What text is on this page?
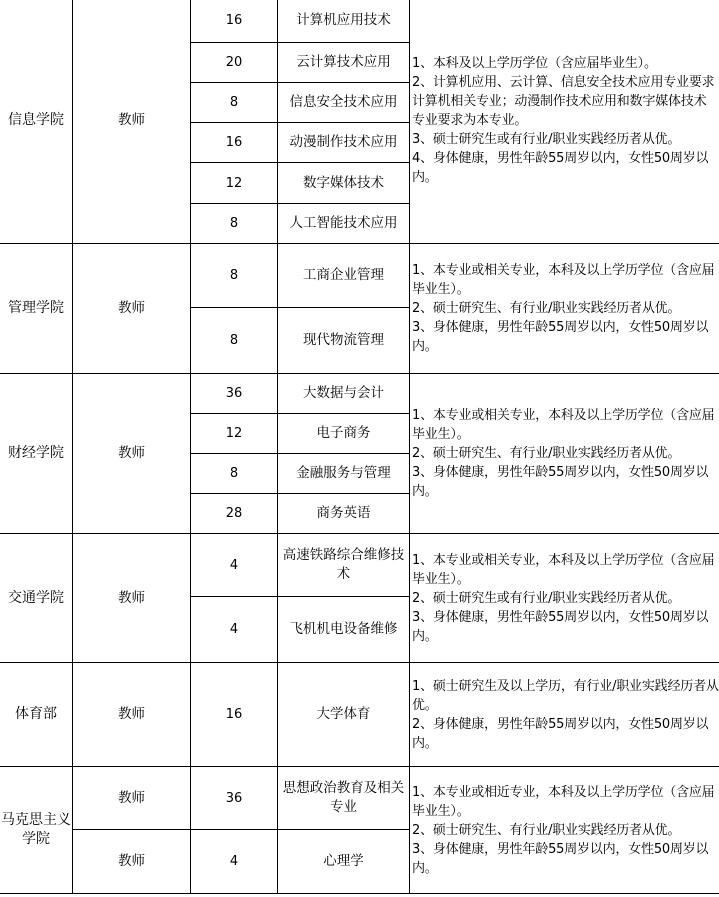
信息学院	教师	16	计算机应用技术	1、本科及以上学历学位（含应届毕业生）。
2、计算机应用、云计算、信息安全技术应用专业要求计算机相关专业；动漫制作技术应用和数字媒体技术专业要求为本专业。
3、硕士研究生或有行业/职业实践经历者从优。
4、身体健康，男性年龄55周岁以内，女性50周岁以内。
		20	云计算技术应用	
		8	信息安全技术应用	
		16	动漫制作技术应用	
		12	数字媒体技术	
		8	人工智能技术应用	
管理学院	教师	8	工商企业管理	1、本专业或相关专业，本科及以上学历学位（含应届毕业生）。
2、硕士研究生、有行业/职业实践经历者从优。
3、身体健康，男性年龄55周岁以内，女性50周岁以内。
		8	现代物流管理	
财经学院	教师	36	大数据与会计	1、本专业或相关专业，本科及以上学历学位（含应届毕业生）。
2、硕士研究生、有行业/职业实践经历者从优。
3、身体健康，男性年龄55周岁以内，女性50周岁以内。
		12	电子商务	
		8	金融服务与管理	
		28	商务英语	
交通学院	教师	4	高速铁路综合维修技术	1、本专业或相关专业，本科及以上学历学位（含应届毕业生）。
2、硕士研究生或有行业/职业实践经历者从优。
3、身体健康，男性年龄55周岁以内，女性50周岁以内。
		4	飞机机电设备维修	
体育部	教师	16	大学体育	1、硕士研究生及以上学历，有行业/职业实践经历者从优。
2、身体健康，男性年龄55周岁以内，女性50周岁以内。
马克思主义学院	教师	36	思想政治教育及相关专业	1、本专业或相近专业，本科及以上学历学位（含应届毕业生）。
2、硕士研究生、有行业/职业实践经历者从优。
3、身体健康，男性年龄55周岁以内，女性50周岁以内。
	教师	4	心理学	
